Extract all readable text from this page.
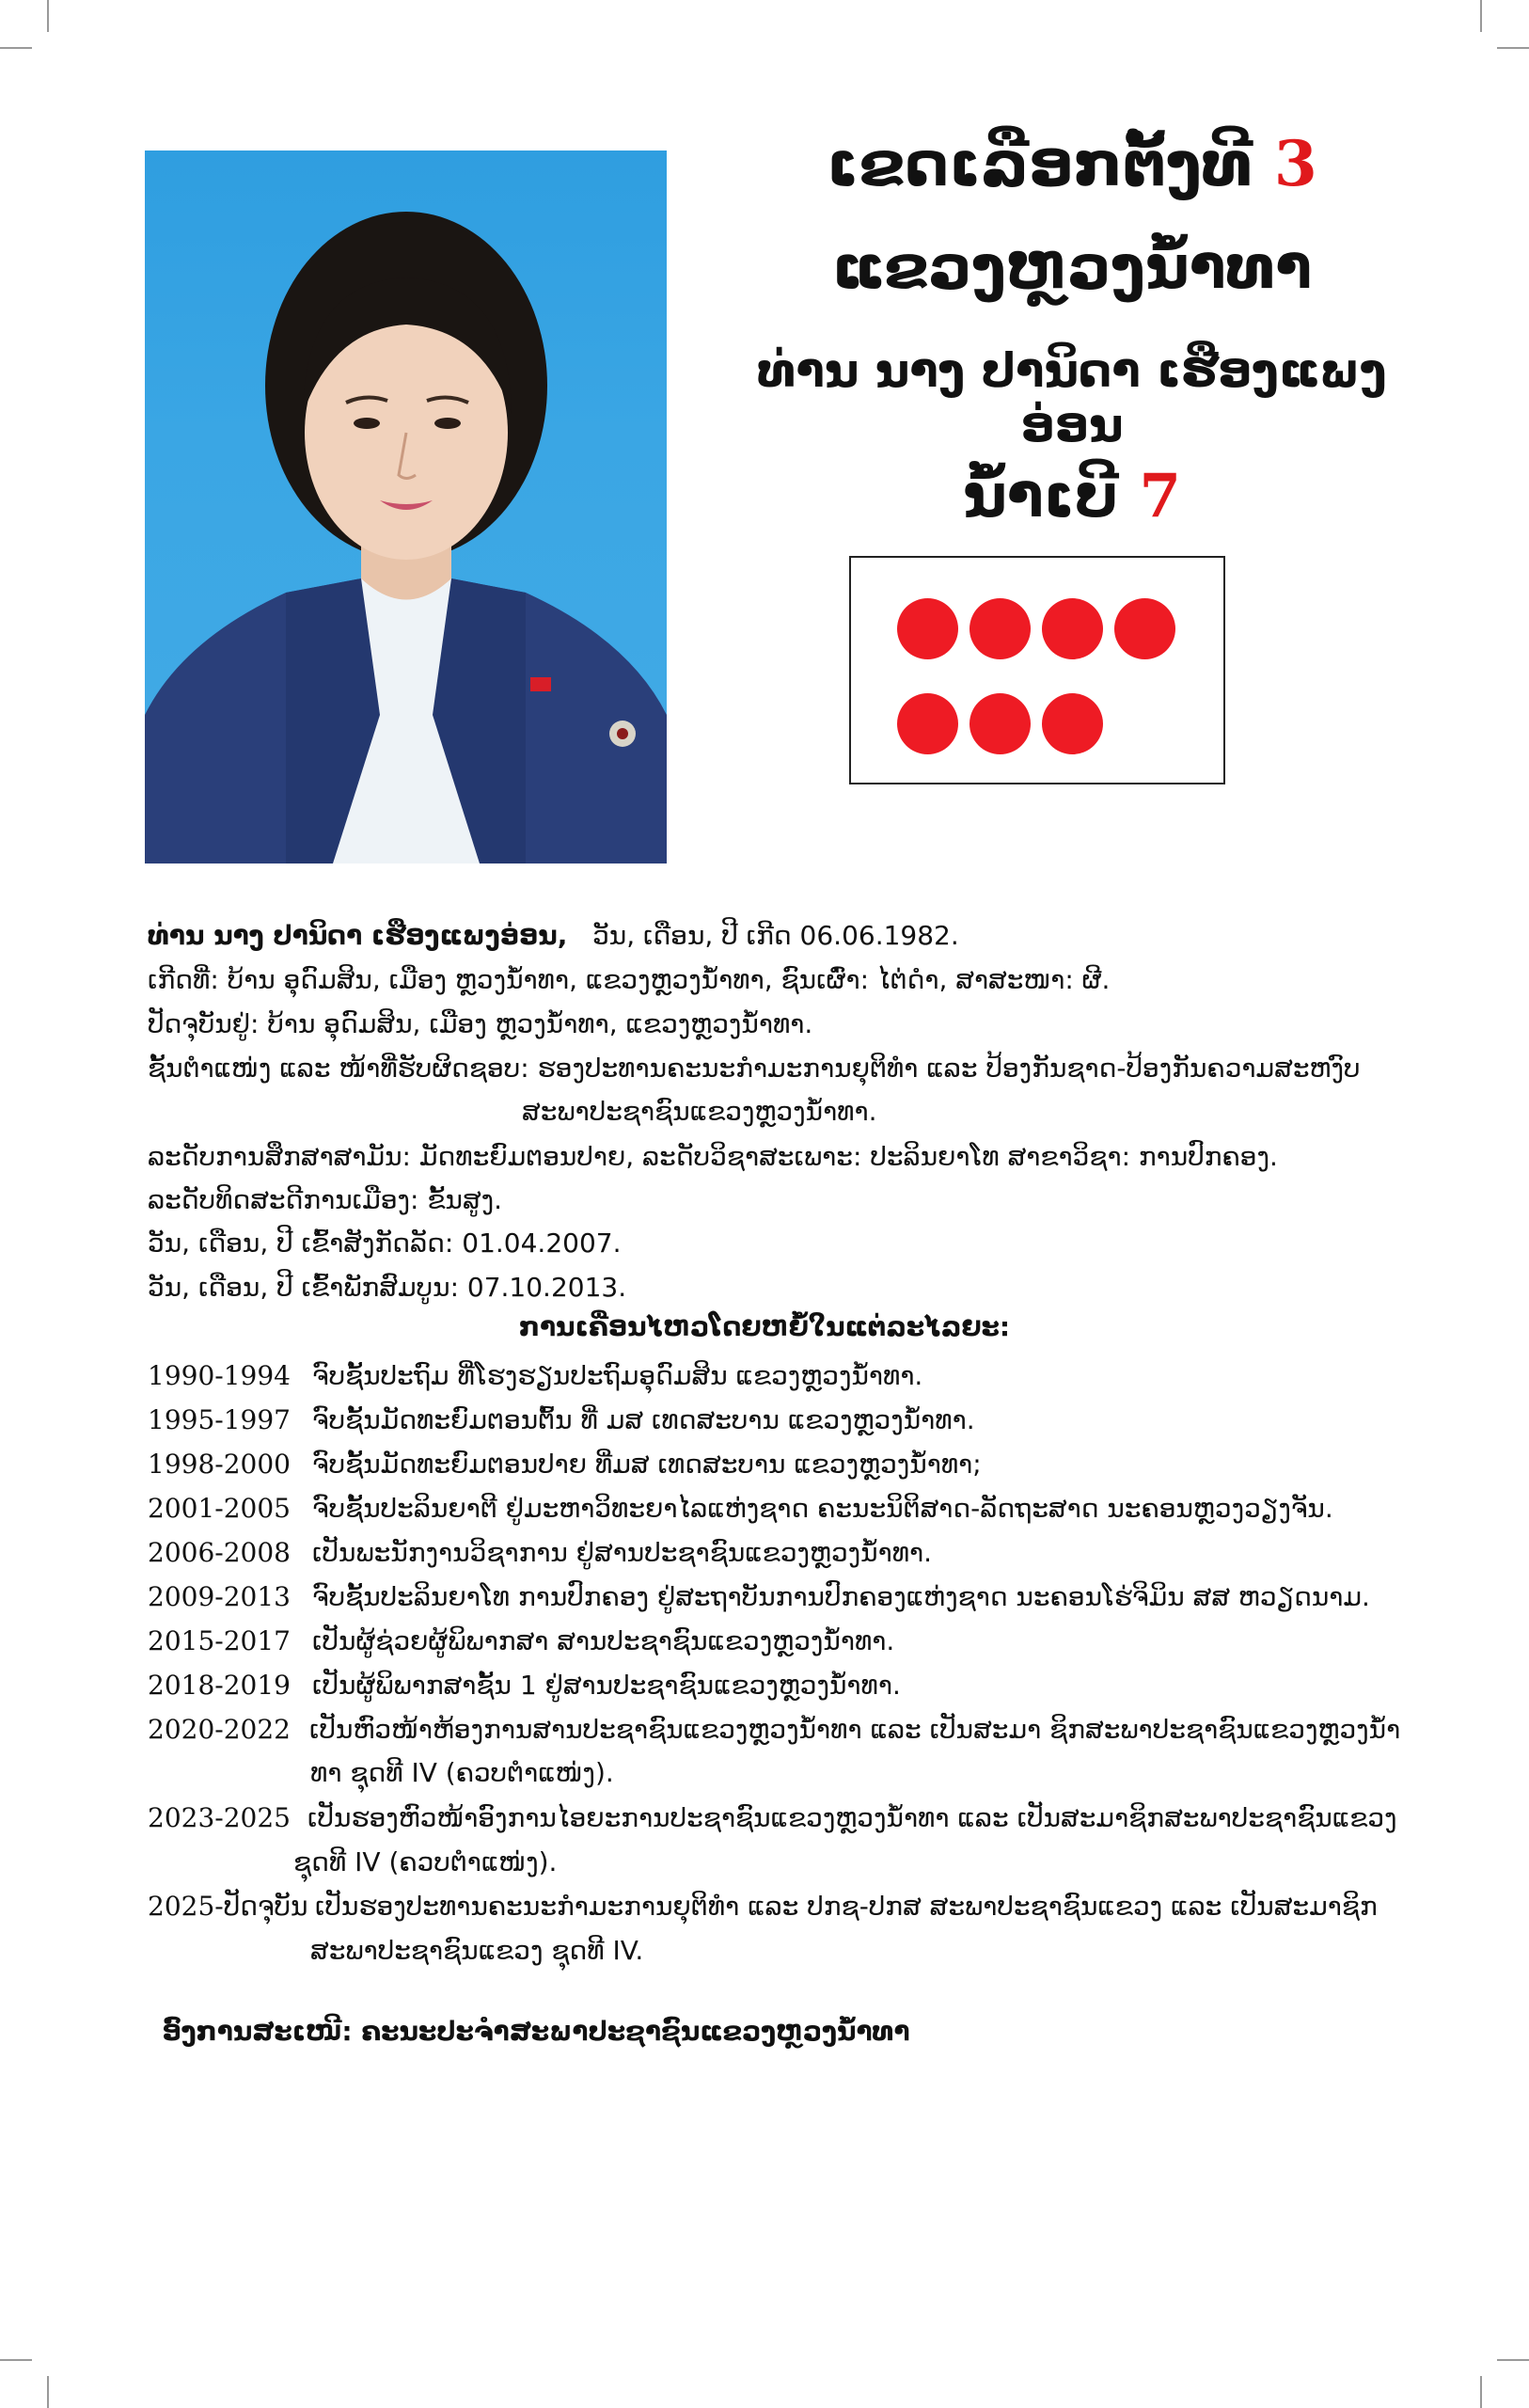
ເຂດເລືອກຕັ້ງທີ 3
ແຂວງຫຼວງນໍ້າທາ
ທ່ານ ນາງ ປານິດາ ເຮືອງແພງອ່ອນ
ນໍ້າເບີ 7
ທ່ານ ນາງ ປານິດາ ເຮືອງແພງອ່ອນ, ວັນ, ເດືອນ, ປີ ເກີດ 06.06.1982.
ເກີດທີ່: ບ້ານ ອຸດົມສິນ, ເມືອງ ຫຼວງນໍ້າທາ, ແຂວງຫຼວງນໍ້າທາ, ຊົນເຜົ່າ: ໄຕ່ດໍາ, ສາສະໜາ: ຜີ.
ປັດຈຸບັນຢູ່: ບ້ານ ອຸດົມສິນ, ເມືອງ ຫຼວງນໍ້າທາ, ແຂວງຫຼວງນໍ້າທາ.
ຊັ້ນຕໍາແໜ່ງ ແລະ ໜ້າທີ່ຮັບຜິດຊອບ: ຮອງປະທານຄະນະກໍາມະການຍຸຕິທໍາ ແລະ ປ້ອງກັນຊາດ-ປ້ອງກັນຄວາມສະຫງົບ
ສະພາປະຊາຊົນແຂວງຫຼວງນໍ້າທາ.
ລະດັບການສຶກສາສາມັນ: ມັດທະຍົມຕອນປາຍ, ລະດັບວິຊາສະເພາະ: ປະລິນຍາໂທ ສາຂາວິຊາ: ການປົກຄອງ.
ລະດັບທິດສະດີການເມືອງ: ຂັ້ນສູງ.
ວັນ, ເດືອນ, ປີ ເຂົ້າສັງກັດລັດ: 01.04.2007.
ວັນ, ເດືອນ, ປີ ເຂົ້າພັກສົມບູນ: 07.10.2013.
ການເຄື່ອນໄຫວໂດຍຫຍໍ້ໃນແຕ່ລະໄລຍະ:
1990-1994 ຈົບຊັ້ນປະຖົມ ທີ່ໂຮງຮຽນປະຖົມອຸດົມສິນ ແຂວງຫຼວງນໍ້າທາ.
1995-1997 ຈົບຊັ້ນມັດທະຍົມຕອນຕົ້ນ ທີ່ ມສ ເທດສະບານ ແຂວງຫຼວງນໍ້າທາ.
1998-2000 ຈົບຊັ້ນມັດທະຍົມຕອນປາຍ ທີ່ມສ ເທດສະບານ ແຂວງຫຼວງນໍ້າທາ;
2001-2005 ຈົບຊັ້ນປະລິນຍາຕີ ຢູ່ມະຫາວິທະຍາໄລແຫ່ງຊາດ ຄະນະນິຕິສາດ-ລັດຖະສາດ ນະຄອນຫຼວງວຽງຈັນ.
2006-2008 ເປັນພະນັກງານວິຊາການ ຢູ່ສານປະຊາຊົນແຂວງຫຼວງນໍ້າທາ.
2009-2013 ຈົບຊັ້ນປະລິນຍາໂທ ການປົກຄອງ ຢູ່ສະຖາບັນການປົກຄອງແຫ່ງຊາດ ນະຄອນໂຮ່ຈິມິນ ສສ ຫວຽດນາມ.
2015-2017 ເປັນຜູ້ຊ່ວຍຜູ້ພິພາກສາ ສານປະຊາຊົນແຂວງຫຼວງນໍ້າທາ.
2018-2019 ເປັນຜູ້ພິພາກສາຊັ້ນ 1 ຢູ່ສານປະຊາຊົນແຂວງຫຼວງນໍ້າທາ.
2020-2022 ເປັນຫົວໜ້າຫ້ອງການສານປະຊາຊົນແຂວງຫຼວງນໍ້າທາ ແລະ ເປັນສະມາ ຊິກສະພາປະຊາຊົນແຂວງຫຼວງນໍ້າ
ທາ ຊຸດທີ IV (ຄວບຕໍາແໜ່ງ).
2023-2025 ເປັນຮອງຫົວໜ້າອົງການໄອຍະການປະຊາຊົນແຂວງຫຼວງນໍ້າທາ ແລະ ເປັນສະມາຊິກສະພາປະຊາຊົນແຂວງ
ຊຸດທີ IV (ຄວບຕໍາແໜ່ງ).
2025-ປັດຈຸບັນ ເປັນຮອງປະທານຄະນະກໍາມະການຍຸຕິທໍາ ແລະ ປກຊ-ປກສ ສະພາປະຊາຊົນແຂວງ ແລະ ເປັນສະມາຊິກ
ສະພາປະຊາຊົນແຂວງ ຊຸດທີ IV.
ອົງການສະເໜີ: ຄະນະປະຈໍາສະພາປະຊາຊົນແຂວງຫຼວງນໍ້າທາ
